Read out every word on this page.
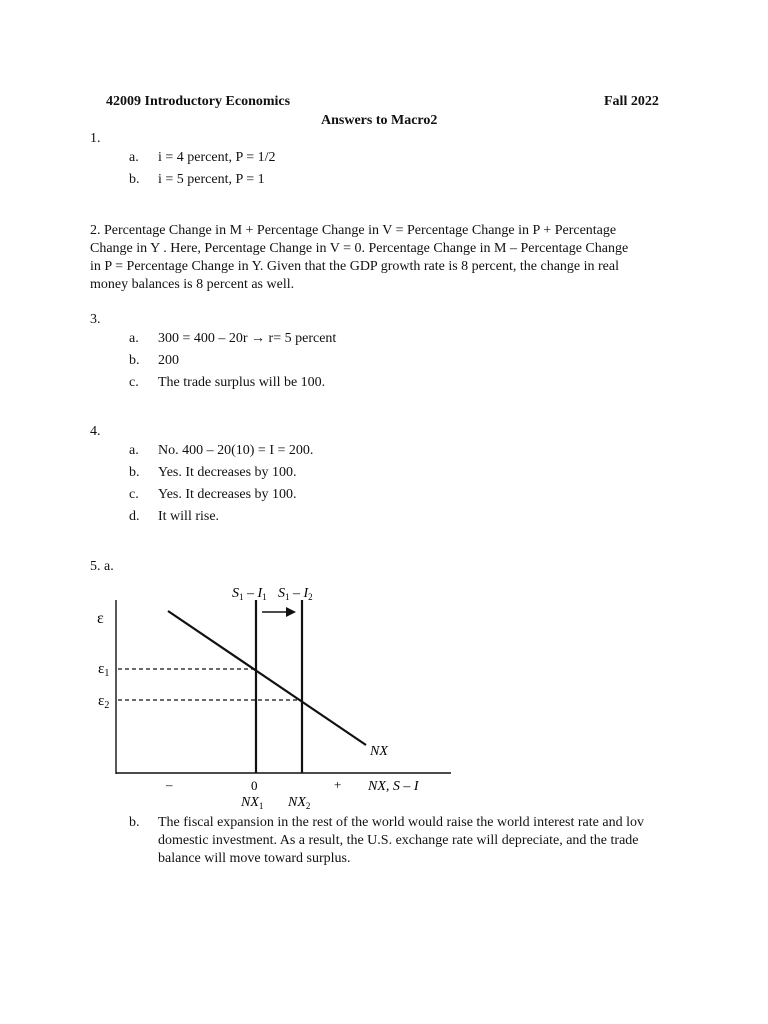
42009 Introductory Economics	Fall 2022
Answers to Macro2
1.
a. i = 4 percent, P = 1/2
b. i = 5 percent, P = 1
2. Percentage Change in M + Percentage Change in V = Percentage Change in P + Percentage
Change in Y . Here, Percentage Change in V = 0. Percentage Change in M – Percentage Change
in P = Percentage Change in Y. Given that the GDP growth rate is 8 percent, the change in real
money balances is 8 percent as well.
3.
a. 300 = 400 – 20r → r= 5 percent
b. 200
c. The trade surplus will be 100.
4.
a. No. 400 – 20(10) = I = 200.
b. Yes. It decreases by 100.
c. Yes. It decreases by 100.
d. It will rise.
5. a.
ε
$\varepsilon_1$
$\varepsilon_2$
$S_1 - I_1$ $S_1 - I_2$
NX
–	0	+ NX, S – I
$NX_1$ $NX_2$
b. The fiscal expansion in the rest of the world would raise the world interest rate and lov
domestic investment. As a result, the U.S. exchange rate will depreciate, and the trade
balance will move toward surplus.
